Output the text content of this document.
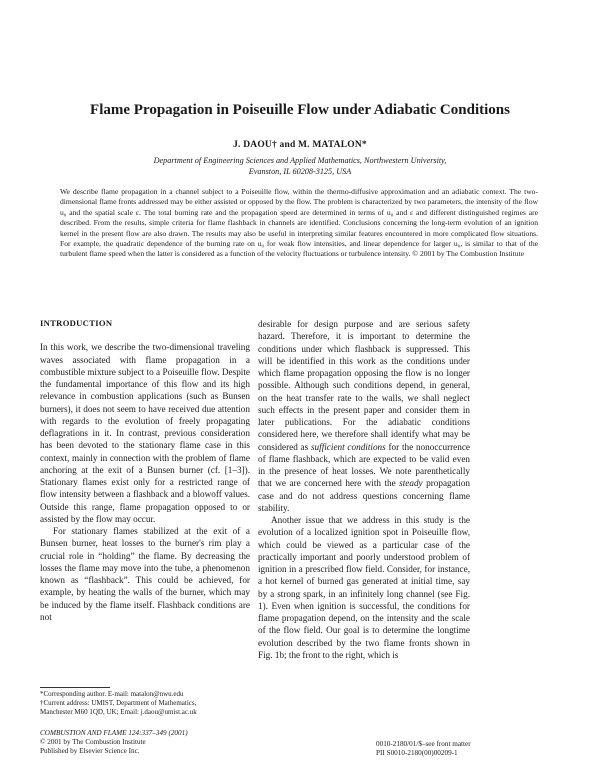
Flame Propagation in Poiseuille Flow under Adiabatic Conditions
J. DAOU† and M. MATALON*
Department of Engineering Sciences and Applied Mathematics, Northwestern University,
Evanston, IL 60208-3125, USA
We describe flame propagation in a channel subject to a Poiseuille flow, within the thermo-diffusive approximation and an adiabatic context. The two-dimensional flame fronts addressed may be either assisted or opposed by the flow. The problem is characterized by two parameters, the intensity of the flow u₀ and the spatial scale ε. The total burning rate and the propagation speed are determined in terms of u₀ and ε and different distinguished regimes are described. From the results, simple criteria for flame flashback in channels are identified. Conclusions concerning the long-term evolution of an ignition kernel in the present flow are also drawn. The results may also be useful in interpreting similar features encountered in more complicated flow situations. For example, the quadratic dependence of the burning rate on u₀ for weak flow intensities, and linear dependence for larger u₀, is similar to that of the turbulent flame speed when the latter is considered as a function of the velocity fluctuations or turbulence intensity. © 2001 by The Combustion Institute

INTRODUCTION

In this work, we describe the two-dimensional traveling waves associated with flame propagation in a combustible mixture subject to a Poiseuille flow. Despite the fundamental importance of this flow and its high relevance in combustion applications (such as Bunsen burners), it does not seem to have received due attention with regards to the evolution of freely propagating deflagrations in it. In contrast, previous consideration has been devoted to the stationary flame case in this context, mainly in connection with the problem of flame anchoring at the exit of a Bunsen burner (cf. [1–3]). Stationary flames exist only for a restricted range of flow intensity between a flashback and a blowoff values. Outside this range, flame propagation opposed to or assisted by the flow may occur.

For stationary flames stabilized at the exit of a Bunsen burner, heat losses to the burner's rim play a crucial role in “holding” the flame. By decreasing the losses the flame may move into the tube, a phenomenon known as “flashback”. This could be achieved, for example, by heating the walls of the burner, which may be induced by the flame itself. Flashback conditions are not

desirable for design purpose and are serious safety hazard. Therefore, it is important to determine the conditions under which flashback is suppressed. This will be identified in this work as the conditions under which flame propagation opposing the flow is no longer possible. Although such conditions depend, in general, on the heat transfer rate to the walls, we shall neglect such effects in the present paper and consider them in later publications. For the adiabatic conditions considered here, we therefore shall identify what may be considered as sufficient conditions for the nonoccurrence of flame flashback, which are expected to be valid even in the presence of heat losses. We note parenthetically that we are concerned here with the steady propagation case and do not address questions concerning flame stability.

Another issue that we address in this study is the evolution of a localized ignition spot in Poiseuille flow, which could be viewed as a particular case of the practically important and poorly understood problem of ignition in a prescribed flow field. Consider, for instance, a hot kernel of burned gas generated at initial time, say by a strong spark, in an infinitely long channel (see Fig. 1). Even when ignition is successful, the conditions for flame propagation depend, on the intensity and the scale of the flow field. Our goal is to determine the longtime evolution described by the two flame fronts shown in Fig. 1b; the front to the right, which is

*Corresponding author. E-mail: matalon@nwu.edu
†Current address: UMIST, Department of Mathematics,
Manchester M60 1QD, UK; Email: j.daou@umist.ac.uk
COMBUSTION AND FLAME 124:337–349 (2001)
© 2001 by The Combustion Institute
Published by Elsevier Science Inc.
0010-2180/01/$–see front matter
PII S0010-2180(00)00209-1
